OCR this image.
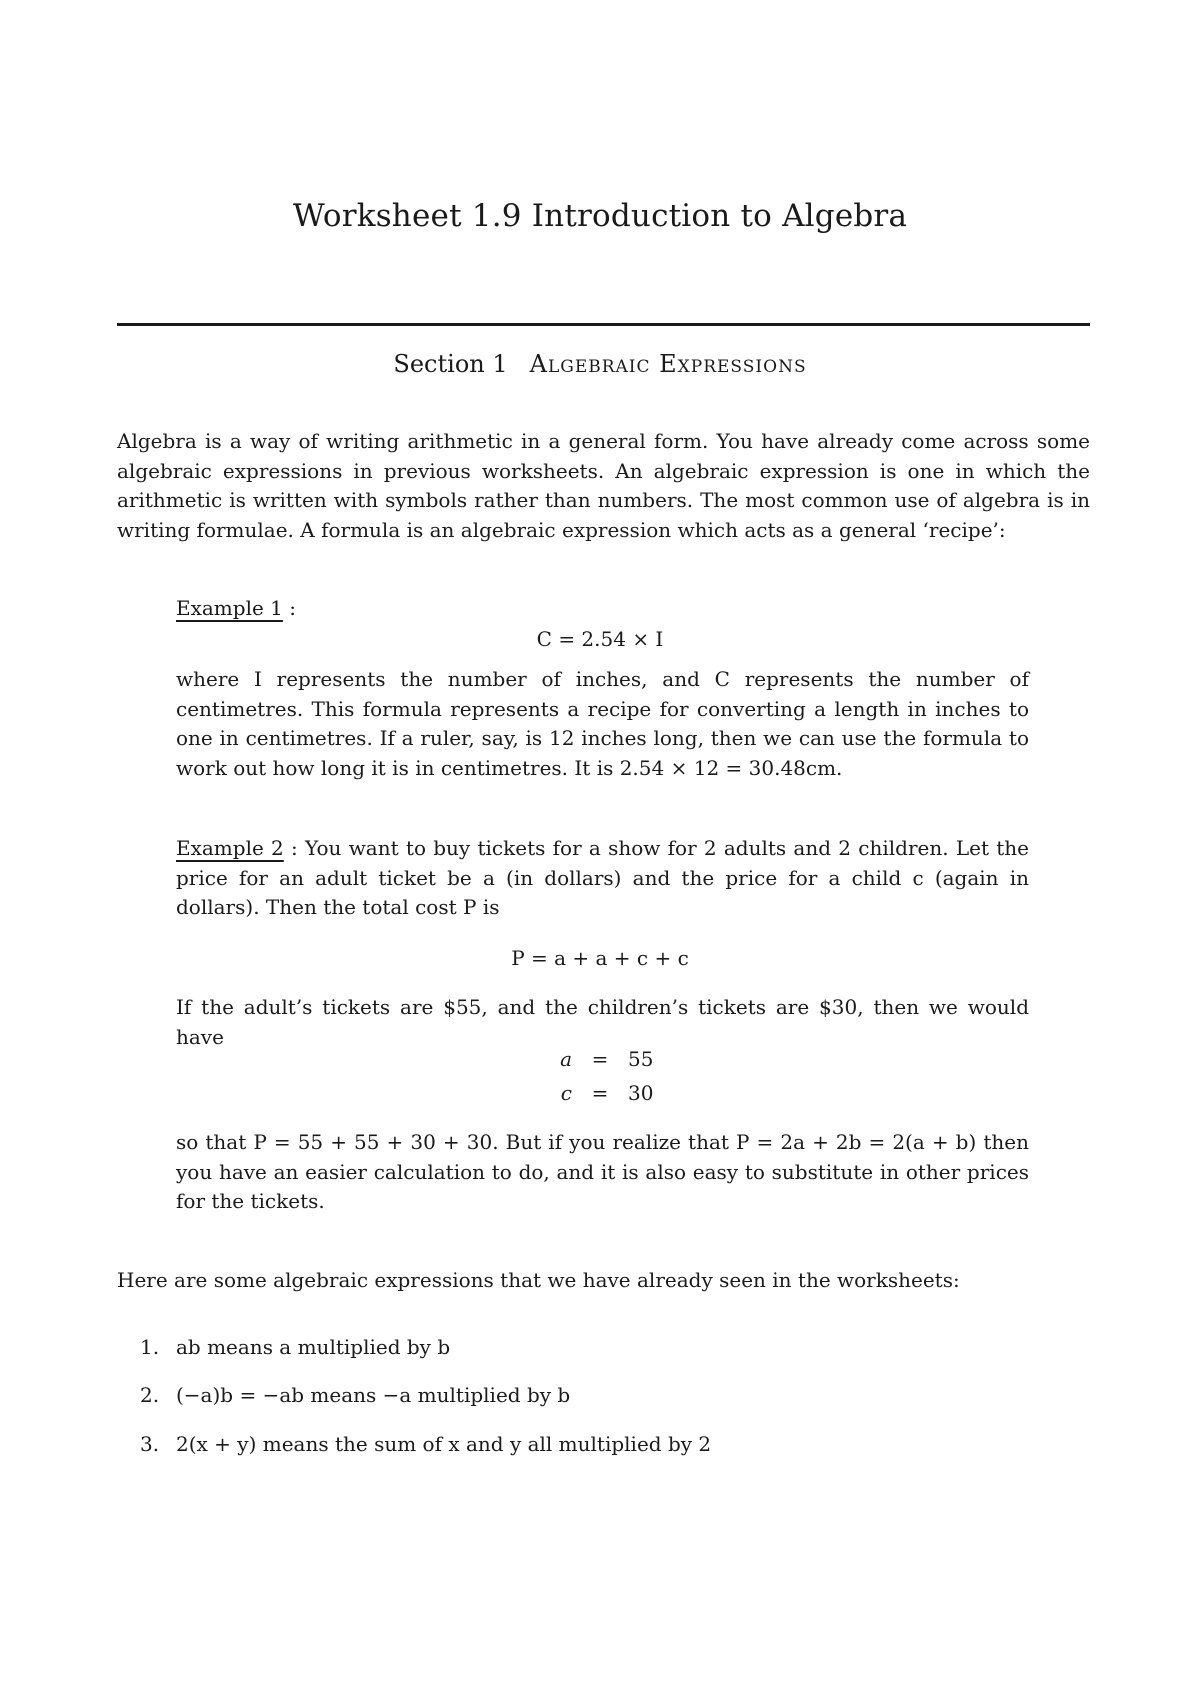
Worksheet 1.9 Introduction to Algebra
Section 1 Algebraic Expressions

Algebra is a way of writing arithmetic in a general form. You have already come across some algebraic expressions in previous worksheets. An algebraic expression is one in which the arithmetic is written with symbols rather than numbers. The most common use of algebra is in writing formulae. A formula is an algebraic expression which acts as a general ‘recipe’:

Example 1 :
C = 2.54 × I

where I represents the number of inches, and C represents the number of centimetres. This formula represents a recipe for converting a length in inches to one in centimetres. If a ruler, say, is 12 inches long, then we can use the formula to work out how long it is in centimetres. It is 2.54 × 12 = 30.48cm.

Example 2 : You want to buy tickets for a show for 2 adults and 2 children. Let the price for an adult ticket be a (in dollars) and the price for a child c (again in dollars). Then the total cost P is

P = a + a + c + c

If the adult’s tickets are $55, and the children’s tickets are $30, then we would have

a = 55
c = 30

so that P = 55 + 55 + 30 + 30. But if you realize that P = 2a + 2b = 2(a + b) then you have an easier calculation to do, and it is also easy to substitute in other prices for the tickets.

Here are some algebraic expressions that we have already seen in the worksheets:

1. ab means a multiplied by b
2. (−a)b = −ab means −a multiplied by b
3. 2(x + y) means the sum of x and y all multiplied by 2
